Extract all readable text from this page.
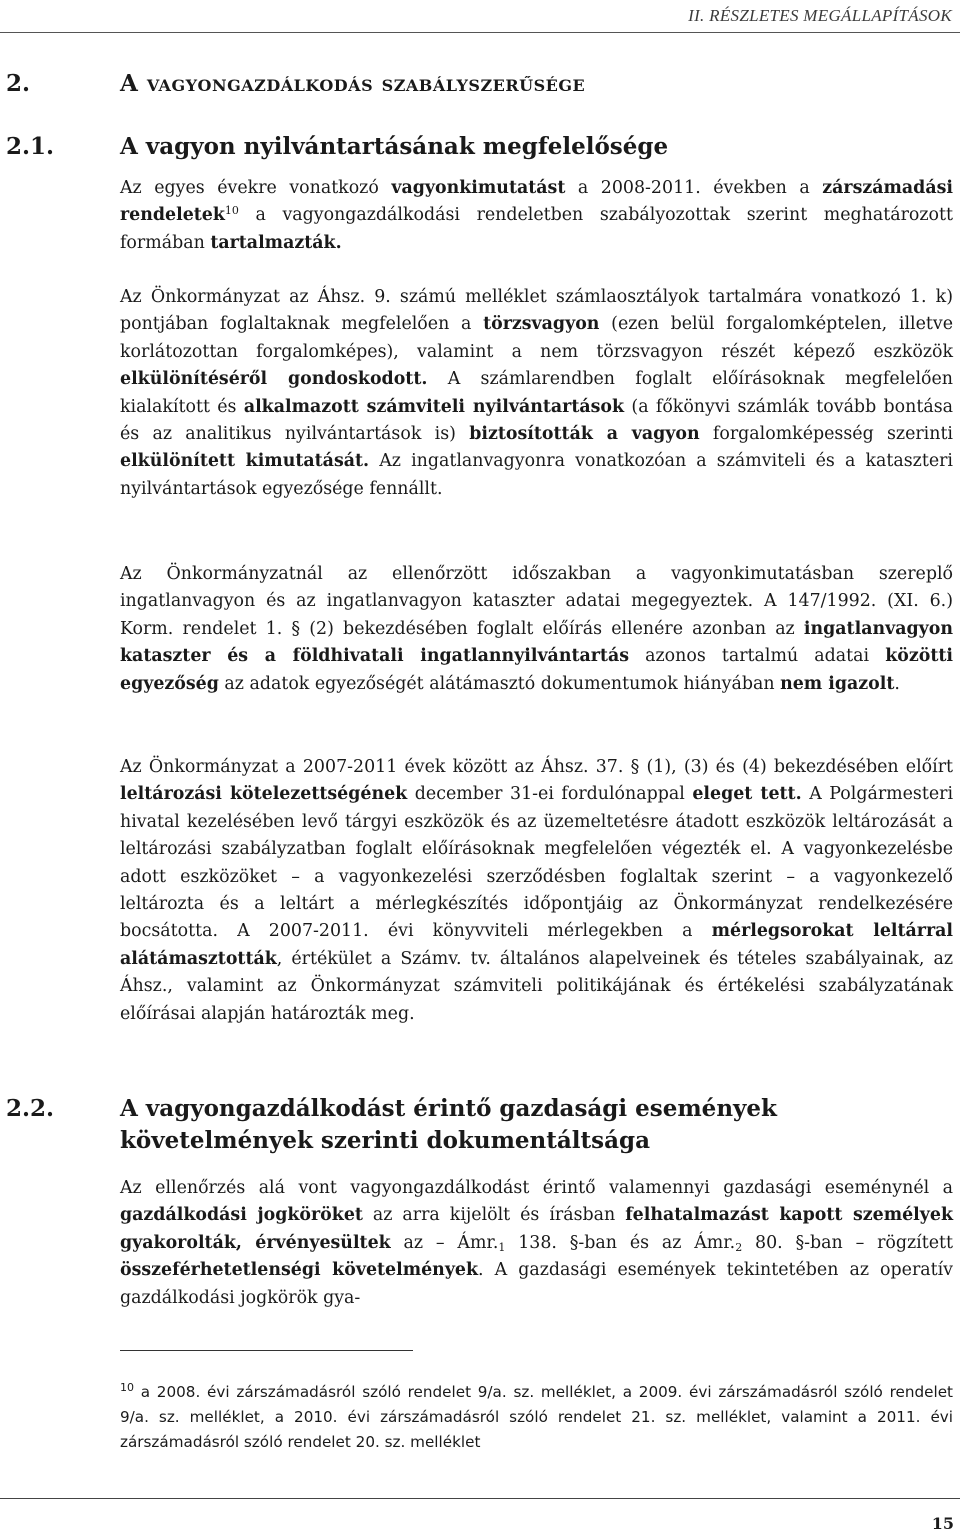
II. RÉSZLETES MEGÁLLAPÍTÁSOK
2.	A vagyongazdálkodás szabályszerűsége
2.1.	A vagyon nyilvántartásának megfelelősége

Az egyes évekre vonatkozó vagyonkimutatást a 2008-2011. években a zárszámadási rendeletek$^{10}$ a vagyongazdálkodási rendeletben szabályozottak szerint meghatározott formában tartalmazták.

Az Önkormányzat az Áhsz. 9. számú melléklet számlaosztályok tartalmára vonatkozó 1. k) pontjában foglaltaknak megfelelően a törzsvagyon (ezen belül forgalomképtelen, illetve korlátozottan forgalomképes), valamint a nem törzsvagyon részét képező eszközök elkülönítéséről gondoskodott. A számlarendben foglalt előírásoknak megfelelően kialakított és alkalmazott számviteli nyilvántartások (a főkönyvi számlák tovább bontása és az analitikus nyilvántartások is) biztosították a vagyon forgalomképesség szerinti elkülönített kimutatását. Az ingatlanvagyonra vonatkozóan a számviteli és a kataszteri nyilvántartások egyezősége fennállt.

Az Önkormányzatnál az ellenőrzött időszakban a vagyonkimutatásban szereplő ingatlanvagyon és az ingatlanvagyon kataszter adatai megegyeztek. A 147/1992. (XI. 6.) Korm. rendelet 1. § (2) bekezdésében foglalt előírás ellenére azonban az ingatlanvagyon kataszter és a földhivatali ingatlannyilvántartás azonos tartalmú adatai közötti egyezőség az adatok egyezőségét alátámasztó dokumentumok hiányában nem igazolt.

Az Önkormányzat a 2007-2011 évek között az Áhsz. 37. § (1), (3) és (4) bekezdésében előírt leltározási kötelezettségének december 31-ei fordulónappal eleget tett. A Polgármesteri hivatal kezelésében levő tárgyi eszközök és az üzemeltetésre átadott eszközök leltározását a leltározási szabályzatban foglalt előírásoknak megfelelően végezték el. A vagyonkezelésbe adott eszközöket – a vagyonkezelési szerződésben foglaltak szerint – a vagyonkezelő leltározta és a leltárt a mérlegkészítés időpontjáig az Önkormányzat rendelkezésére bocsátotta. A 2007-2011. évi könyvviteli mérlegekben a mérlegsorokat leltárral alátámasztották, értékület a Számv. tv. általános alapelveinek és tételes szabályainak, az Áhsz., valamint az Önkormányzat számviteli politikájának és értékelési szabályzatának előírásai alapján határozták meg.

2.2.	A vagyongazdálkodást érintő gazdasági események követelmények szerinti dokumentáltsága

Az ellenőrzés alá vont vagyongazdálkodást érintő valamennyi gazdasági eseménynél a gazdálkodási jogköröket az arra kijelölt és írásban felhatalmazást kapott személyek gyakorolták, érvényesültek az – $Ámr._1$ 138. §-ban és az $Ámr._2$ 80. §-ban – rögzített összeférhetetlenségi követelmények. A gazdasági események tekintetében az operatív gazdálkodási jogkörök gya-

$^{10}$ a 2008. évi zárszámadásról szóló rendelet 9/a. sz. melléklet, a 2009. évi zárszámadásról szóló rendelet 9/a. sz. melléklet, a 2010. évi zárszámadásról szóló rendelet 21. sz. melléklet, valamint a 2011. évi zárszámadásról szóló rendelet 20. sz. melléklet

15
